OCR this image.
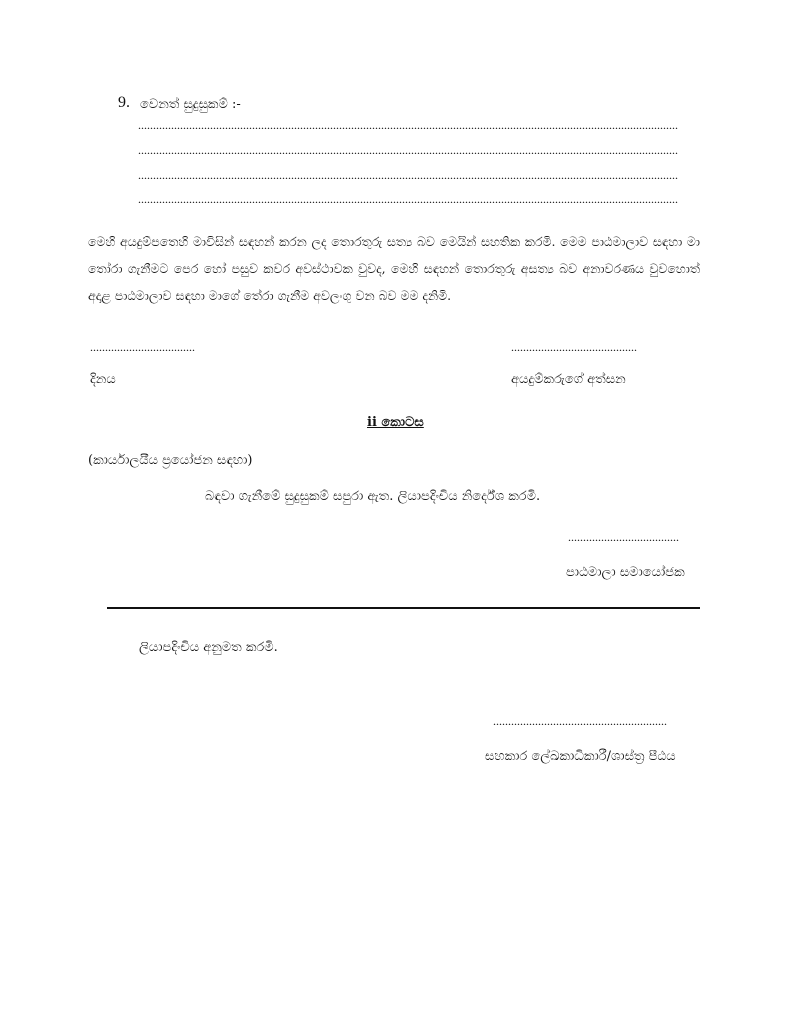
9. වෙනත් සුදුසුකම් :-
....................................................................................................................................................................................
....................................................................................................................................................................................
....................................................................................................................................................................................
....................................................................................................................................................................................
මෙහි අයදුම්පතෙහි මාවිසින් සඳහන් කරන ලද තොරතුරු සත්‍ය බව මෙයින් සහතික කරමි. මෙම පාඨමාලාව සඳහා මා තෝරා ගැනීමට පෙර හෝ පසුව කවර අවස්ථාවක වුවද, මෙහි සඳහන් තොරතුරු අසත්‍ය බව අනාවරණය වුවහොත් අදාළ පාඨමාලාව සඳහා මාගේ තේරා ගැනීම අවලංගු වන බව මම දනිමි.
...................................	..........................................
දිනය	අයදුම්කරුගේ අත්සන
ii කොටස
(කාර්යාලයීය ප්‍රයෝජන සඳහා)
බඳවා ගැනීමේ සුදුසුකම් සපුරා ඇත. ලියාපදිංචිය නිර්දේශ කරමි.
.....................................
පාඨමාලා සමායෝජක
ලියාපදිංචිය අනුමත කරමි.
..........................................................
සහකාර ලේඛකාධිකාරී/ශාස්ත්‍ර පීඨය
